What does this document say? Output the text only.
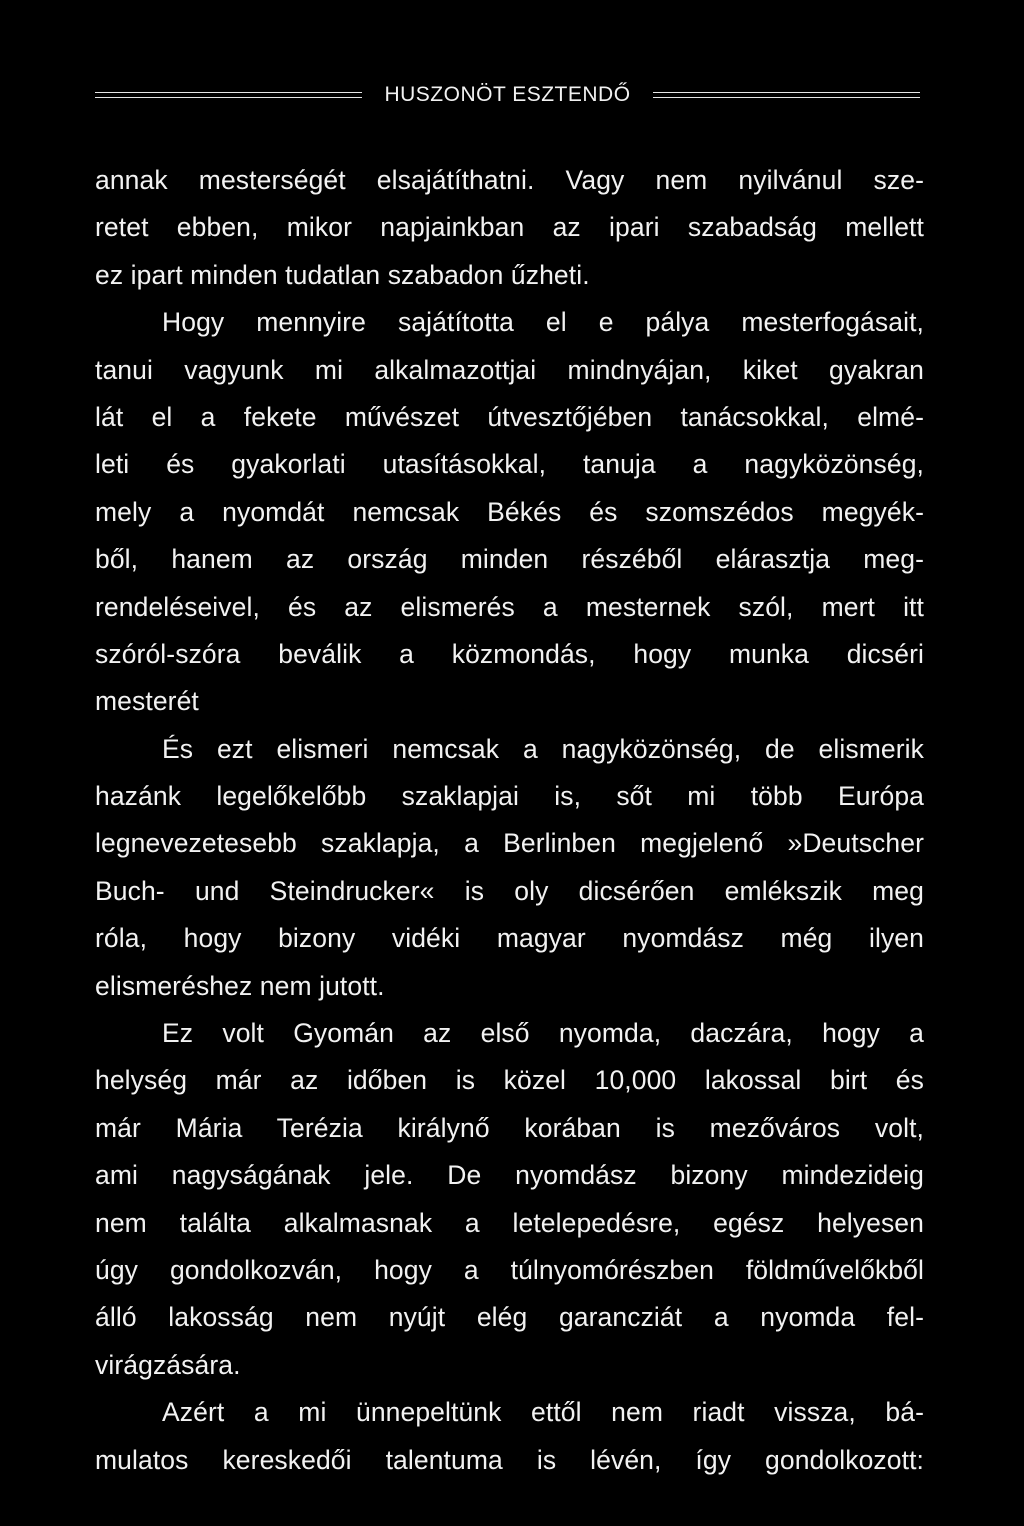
HUSZONÖT ESZTENDŐ
annak mesterségét elsajátíthatni. Vagy nem nyilvánul sze-
retet ebben, mikor napjainkban az ipari szabadság mellett
ez ipart minden tudatlan szabadon űzheti.
Hogy mennyire sajátította el e pálya mesterfogásait,
tanui vagyunk mi alkalmazottjai mindnyájan, kiket gyakran
lát el a fekete művészet útvesztőjében tanácsokkal, elmé-
leti és gyakorlati utasításokkal, tanuja a nagyközönség,
mely a nyomdát nemcsak Békés és szomszédos megyék-
ből, hanem az ország minden részéből elárasztja meg-
rendeléseivel, és az elismerés a mesternek szól, mert itt
szóról-szóra beválik a közmondás, hogy munka dicséri
mesterét
És ezt elismeri nemcsak a nagyközönség, de elismerik
hazánk legelőkelőbb szaklapjai is, sőt mi több Európa
legnevezetesebb szaklapja, a Berlinben megjelenő »Deutscher
Buch- und Steindrucker« is oly dicsérően emlékszik meg
róla, hogy bizony vidéki magyar nyomdász még ilyen
elismeréshez nem jutott.
Ez volt Gyomán az első nyomda, daczára, hogy a
helység már az időben is közel 10,000 lakossal birt és
már Mária Terézia királynő korában is mezőváros volt,
ami nagyságának jele. De nyomdász bizony mindezideig
nem találta alkalmasnak a letelepedésre, egész helyesen
úgy gondolkozván, hogy a túlnyomórészben földművelőkből
álló lakosság nem nyújt elég garancziát a nyomda fel-
virágzására.
Azért a mi ünnepeltünk ettől nem riadt vissza, bá-
mulatos kereskedői talentuma is lévén, így gondolkozott:
